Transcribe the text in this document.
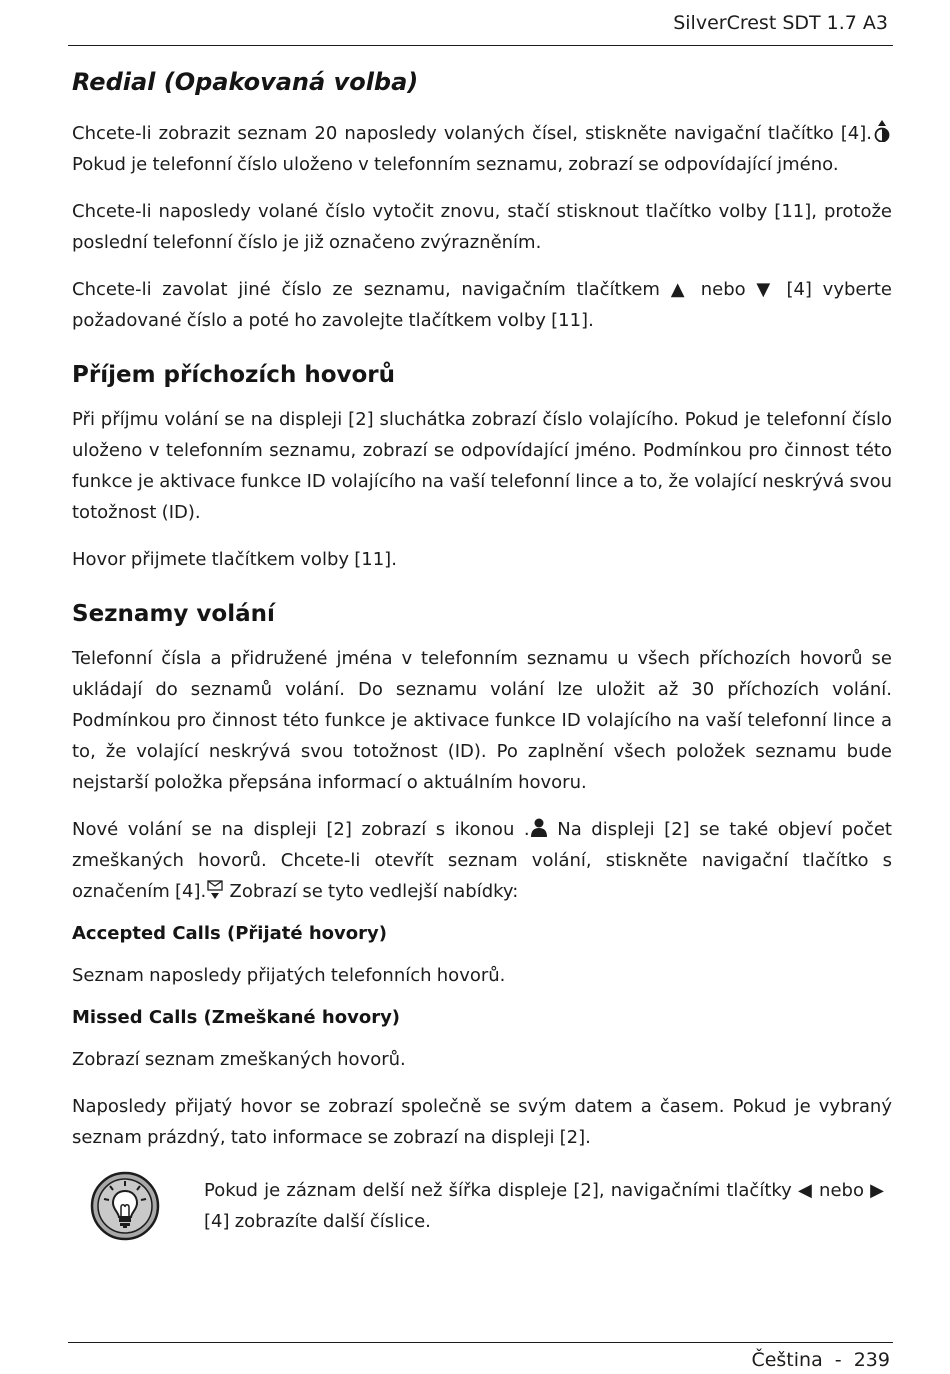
SilverCrest SDT 1.7 A3
Redial (Opakovaná volba)

Chcete-li zobrazit seznam 20 naposledy volaných čísel, stiskněte navigační tlačítko [4]. Pokud je telefonní číslo uloženo v telefonním seznamu, zobrazí se odpovídající jméno.

Chcete-li naposledy volané číslo vytočit znovu, stačí stisknout tlačítko volby [11], protože poslední telefonní číslo je již označeno zvýrazněním.

Chcete-li zavolat jiné číslo ze seznamu, navigačním tlačítkem ▲ nebo ▼ [4] vyberte požadované číslo a poté ho zavolejte tlačítkem volby [11].

Příjem příchozích hovorů

Při příjmu volání se na displeji [2] sluchátka zobrazí číslo volajícího. Pokud je telefonní číslo uloženo v telefonním seznamu, zobrazí se odpovídající jméno. Podmínkou pro činnost této funkce je aktivace funkce ID volajícího na vaší telefonní lince a to, že volající neskrývá svou totožnost (ID).

Hovor přijmete tlačítkem volby [11].

Seznamy volání

Telefonní čísla a přidružené jména v telefonním seznamu u všech příchozích hovorů se ukládají do seznamů volání. Do seznamu volání lze uložit až 30 příchozích volání. Podmínkou pro činnost této funkce je aktivace funkce ID volajícího na vaší telefonní lince a to, že volající neskrývá svou totožnost (ID). Po zaplnění všech položek seznamu bude nejstarší položka přepsána informací o aktuálním hovoru.

Nové volání se na displeji [2] zobrazí s ikonou . Na displeji [2] se také objeví počet zmeškaných hovorů. Chcete-li otevřít seznam volání, stiskněte navigační tlačítko s označením [4]. Zobrazí se tyto vedlejší nabídky:

Accepted Calls (Přijaté hovory)

Seznam naposledy přijatých telefonních hovorů.

Missed Calls (Zmeškané hovory)

Zobrazí seznam zmeškaných hovorů.

Naposledy přijatý hovor se zobrazí společně se svým datem a časem. Pokud je vybraný seznam prázdný, tato informace se zobrazí na displeji [2].

Pokud je záznam delší než šířka displeje [2], navigačními tlačítky ◀ nebo ▶ [4] zobrazíte další číslice.

Čeština  -  239
